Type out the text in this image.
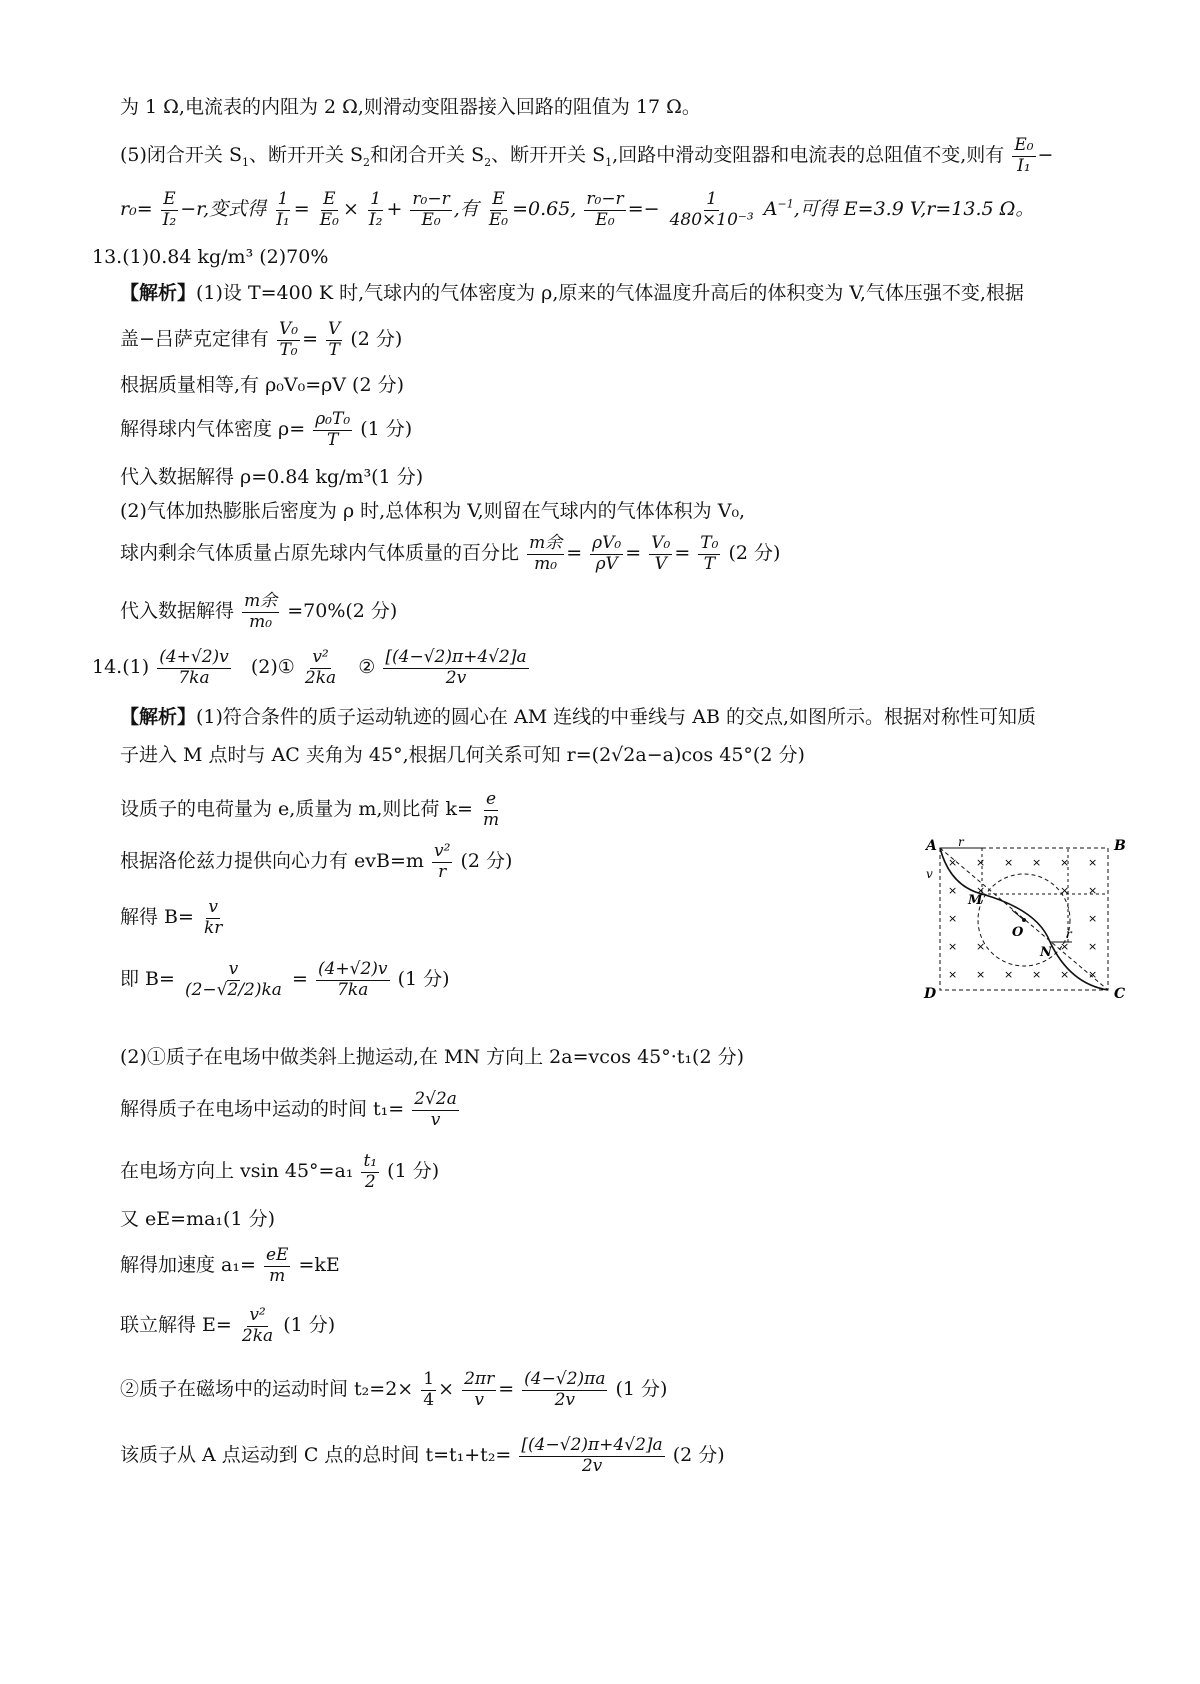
为 1 Ω,电流表的内阻为 2 Ω,则滑动变阻器接入回路的阻值为 17 Ω。
(5)闭合开关 $S_1$、断开开关 $S_2$和闭合开关 $S_2$、断开开关 $S_1$,回路中滑动变阻器和电流表的总阻值不变,则有 $\frac{\text{E₀}}{\text{I₁}}$ −
$r_0= \frac{E}{\text{I₂}} -r$,变式得 $\frac{1}{\text{I₁}} = \frac{E}{\text{E₀}} \times \frac{1}{\text{I₂}} + \frac{\text{r₀−r}}{\text{E₀}}$ ,有 $\frac{E}{\text{E₀}} =0.65$, $\frac{\text{r₀−r}}{\text{E₀}} =- \frac{1}{\text{480×10⁻³}} A^{-1}$,可得 E=3.9 V,r=13.5 Ω。
13.(1)0.84 kg/m³ (2)70%
【解析】(1)设 T=400 K 时,气球内的气体密度为 ρ,原来的气体温度升高后的体积变为 V,气体压强不变,根据
盖−吕萨克定律有 $\frac{\text{V₀}}{\text{T₀}} = \frac{V}{T} (2$ 分)
根据质量相等,有 ρ₀V₀=ρV (2 分)
解得球内气体密度 $\rho= \frac{\text{ρ₀T₀}}{T} (1$ 分)
代入数据解得 ρ=0.84 kg/m³(1 分)
(2)气体加热膨胀后密度为 ρ 时,总体积为 V,则留在气球内的气体体积为 V₀,
球内剩余气体质量占原先球内气体质量的百分比 m余
$m_0 = \frac{\text{ρV₀}}{\rho V} = \frac{\text{V₀}}{V} = \frac{\text{T₀}}{T} (2$ 分)
代入数据解得 m余
m₀ =70%(2 分)
$14.(1) \frac{(4+√2)v}{7ka}$ (2)① $\frac{\text{v²}}{2ka}$ ② $\frac{[(4-√2)\pi+4√2]a}{2v}$
【解析】(1)符合条件的质子运动轨迹的圆心在 AM 连线的中垂线与 AB 的交点,如图所示。根据对称性可知质
子进入 M 点时与 AC 夹角为 45°,根据几何关系可知 r=(2√2a−a)cos 45°(2 分)
设质子的电荷量为 e,质量为 m,则比荷 $k= \frac{e}{m}$
根据洛伦兹力提供向心力有 $evB=m \frac{\text{v²}}{r} (2$ 分)
解得 $B= \frac{v}{kr}$
即 $B= \frac{v}{(2-√2/2)ka} = \frac{(4+√2)v}{7ka} (1$ 分)
(2)①质子在电场中做类斜上抛运动,在 MN 方向上 2a=vcos 45°·t₁(2 分)
解得质子在电场中运动的时间 $t_1= \frac{2√2a}{v}$
在电场方向上 vsin $45^\circ=a_1 \frac{\text{t₁}}{2} (1$ 分)
又 eE=ma₁(1 分)
解得加速度 $a_1= \frac{eE}{m} =kE$
联立解得 $E= \frac{\text{v²}}{2ka} (1$ 分)
②质子在磁场中的运动时间 $t_2=2\times \frac{1}{4} \times \frac{2\pi r}{v} = \frac{(4-√2)\pi a}{2v} (1$ 分)
该质子从 A 点运动到 C 点的总时间 $t=t_1+t_2= \frac{[(4-√2)\pi+4√2]a}{2v} (2$ 分)
× × × × × ×
× ×	× ×
×	×
× ×	× ×
× × × × × ×
A	B
C
D
M
N
O
r
r
v
